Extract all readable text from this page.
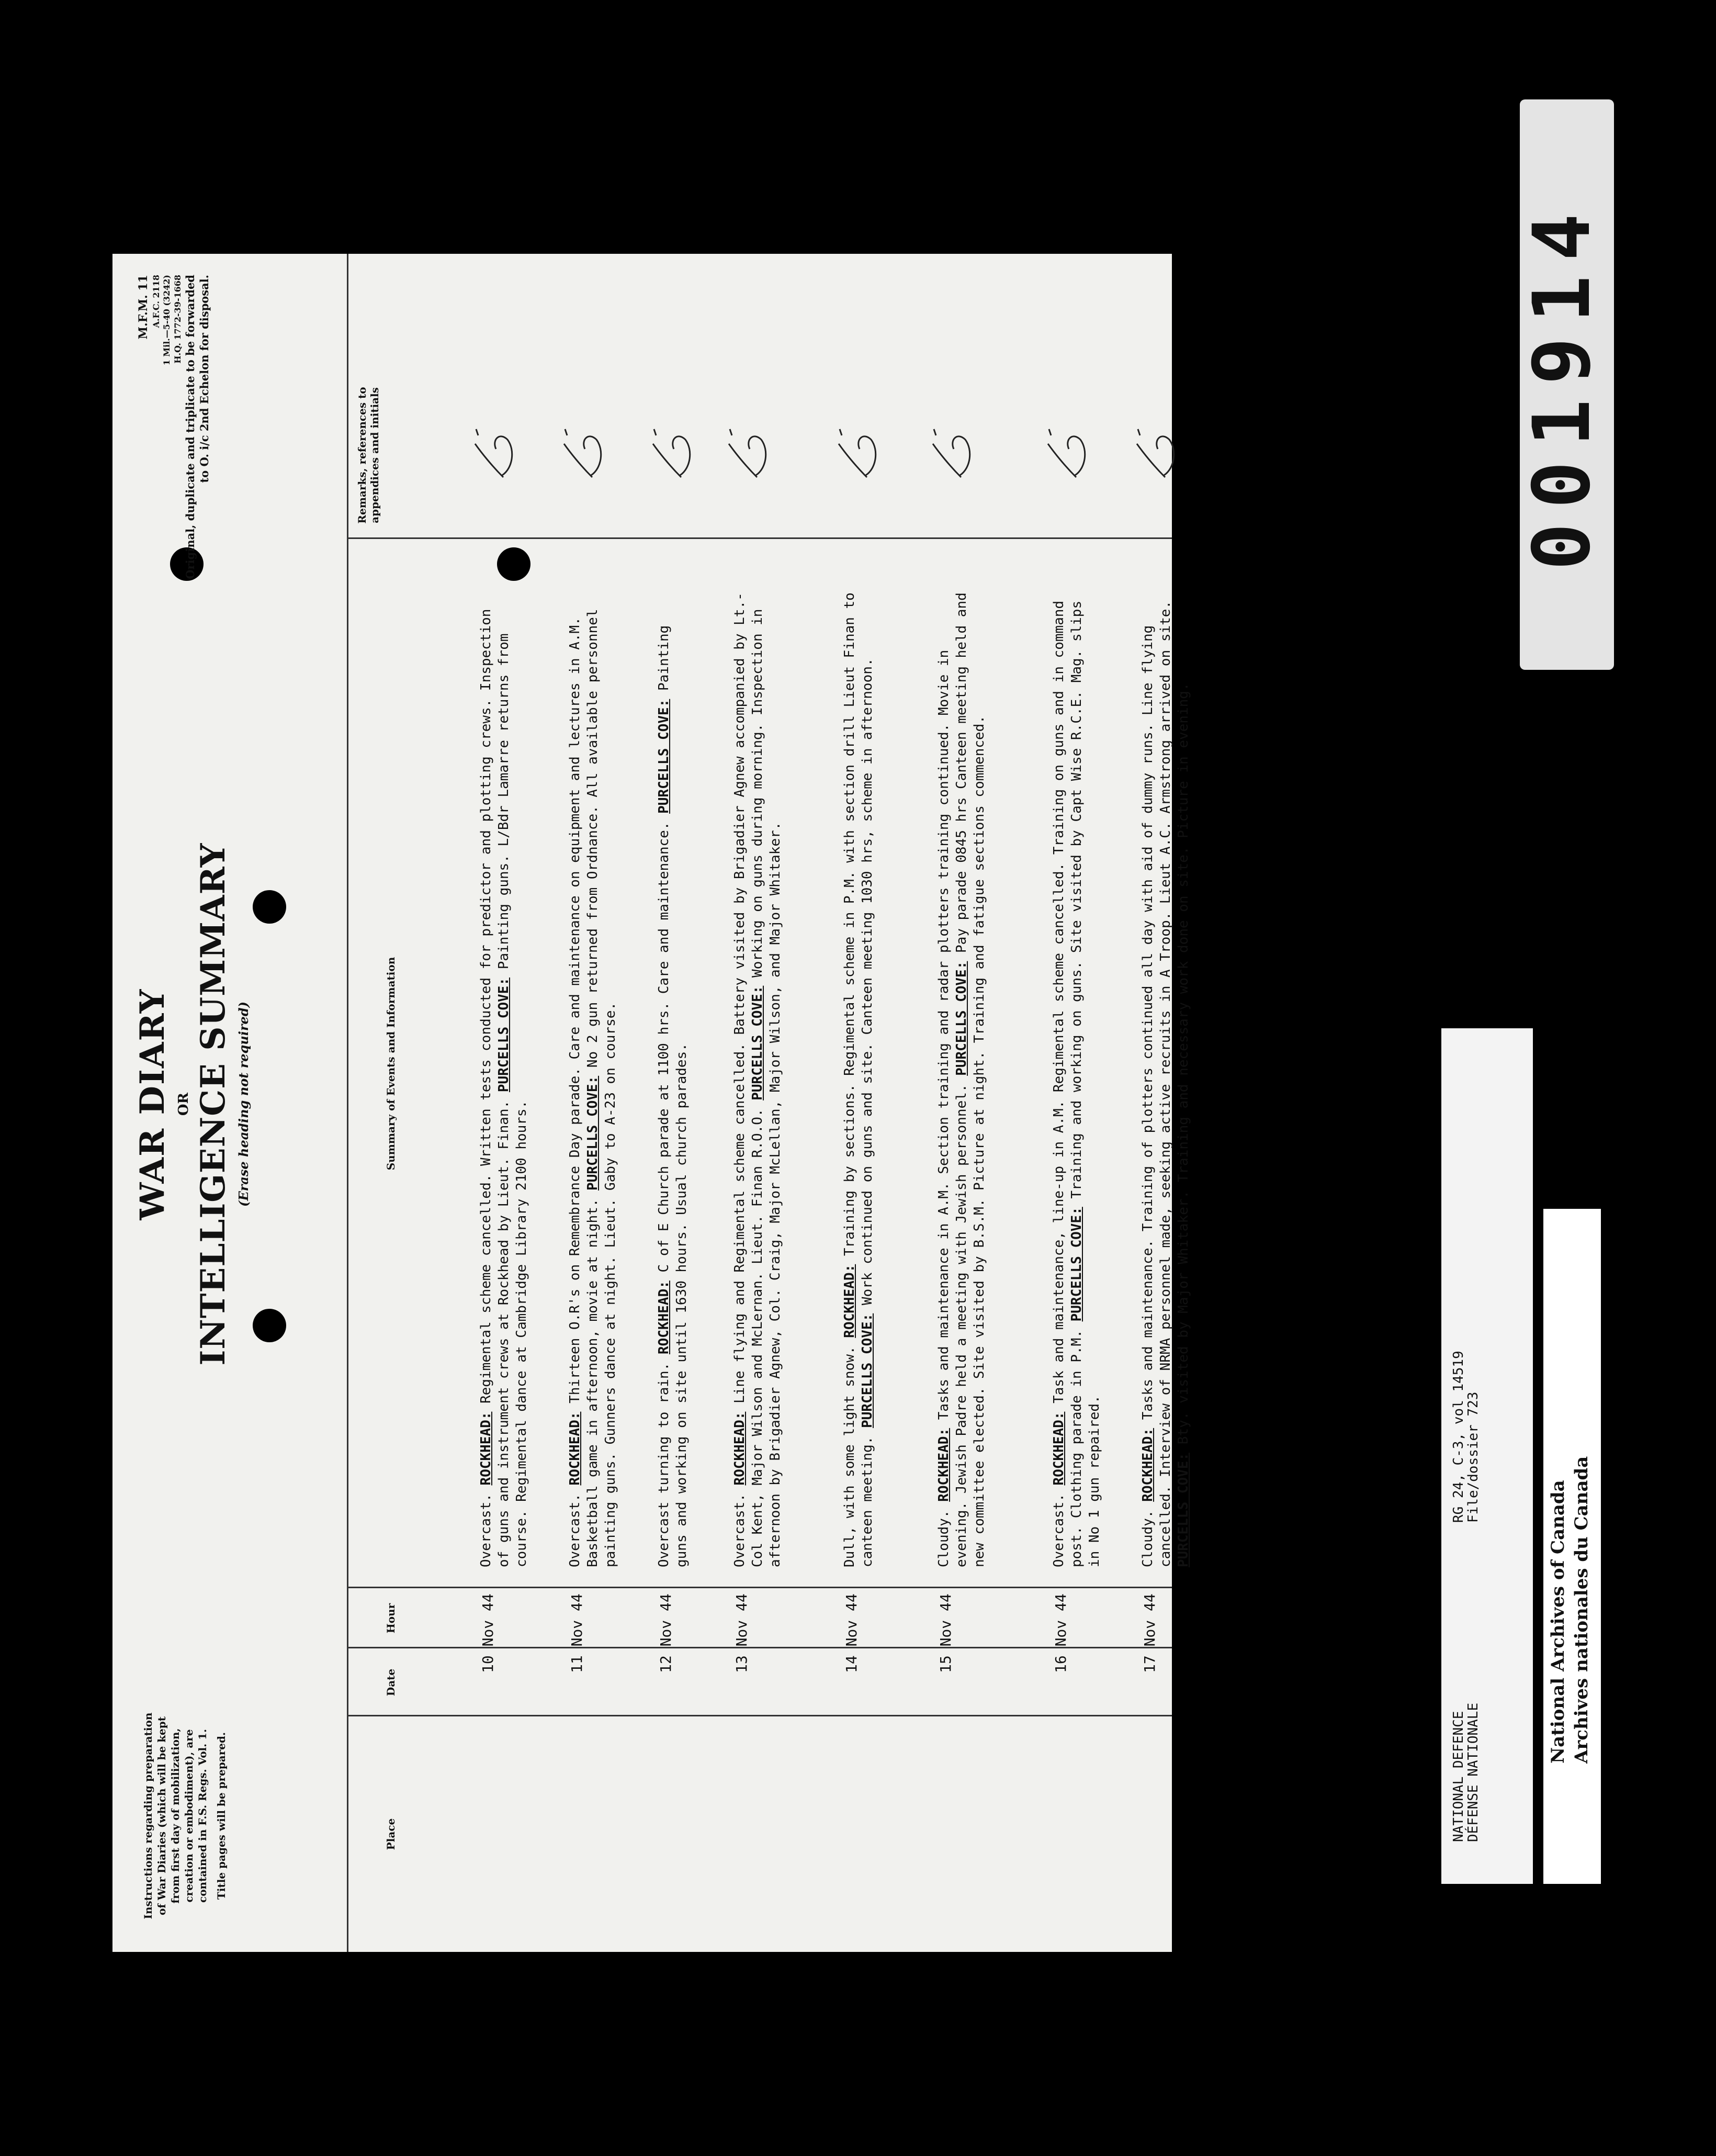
Instructions regarding preparation of War Diaries (which will be kept from first day of mobilization, creation or embodiment), are contained in F.S. Regs. Vol. 1. Title pages will be prepared.
WAR DIARY OR INTELLIGENCE SUMMARY (Erase heading not required)
M.F.M. 11 A.F.C. 2118 1 Mil.—5-40 (3242) H.Q. 1772-39-1668 Original, duplicate and triplicate to be forwarded to O. i/c 2nd Echelon for disposal.
Place
Date
Hour
Summary of Events and Information
Remarks, references to appendices and initials
10 Nov 44
Overcast. ROCKHEAD: Regimental scheme cancelled. Written tests conducted for predictor and plotting crews. Inspection of guns and instrument crews at Rockhead by Lieut. Finan. PURCELLS COVE: Painting guns. L/Bdr Lamarre returns from course. Regimental dance at Cambridge Library 2100 hours.
11 Nov 44
Overcast. ROCKHEAD: Thirteen O.R's on Remembrance Day parade. Care and maintenance on equipment and lectures in A.M. Basketball game in afternoon, movie at night. PURCELLS COVE: No 2 gun returned from Ordnance. All available personnel painting guns. Gunners dance at night. Lieut. Gaby to A-23 on course.
12 Nov 44
Overcast turning to rain. ROCKHEAD: C of E Church parade at 1100 hrs. Care and maintenance. PURCELLS COVE: Painting guns and working on site until 1630 hours. Usual church parades.
13 Nov 44
Overcast. ROCKHEAD: Line flying and Regimental scheme cancelled. Battery visited by Brigadier Agnew accompanied by Lt.-Col Kent, Major Wilson and McLernan. Lieut. Finan R.O.O. PURCELLS COVE: Working on guns during morning. Inspection in afternoon by Brigadier Agnew, Col. Craig, Major McLellan, Major Wilson, and Major Whitaker.
14 Nov 44
Dull, with some light snow. ROCKHEAD: Training by sections. Regimental scheme in P.M. with section drill Lieut Finan to canteen meeting. PURCELLS COVE: Work continued on guns and site. Canteen meeting 1030 hrs, scheme in afternoon.
15 Nov 44
Cloudy. ROCKHEAD: Tasks and maintenance in A.M. Section training and radar plotters training continued. Movie in evening. Jewish Padre held a meeting with Jewish personnel. PURCELLS COVE: Pay parade 0845 hrs Canteen meeting held and new committee elected. Site visited by B.S.M. Picture at night. Training and fatigue sections commenced.
16 Nov 44
Overcast. ROCKHEAD: Task and maintenance, line-up in A.M. Regimental scheme cancelled. Training on guns and in command post. Clothing parade in P.M. PURCELLS COVE: Training and working on guns. Site visited by Capt Wise R.C.E. Mag. slips in No 1 gun repaired.
17 Nov 44
Cloudy. ROCKHEAD: Tasks and maintenance. Training of plotters continued all day with aid of dummy runs. Line flying cancelled. Interview of NRMA personnel made, seeking active recruits in A Troop. Lieut A.C. Armstrong arrived on site. PURCELLS COVE: Bty. visited by Major Whitaker. Training and necessary work done on site. Picture in evening.
001914
NATIONAL DEFENCE
DÉFENSE NATIONALE
RG 24, C-3, vol 14519
File/dossier 723
National Archives of Canada Archives nationales du Canada
